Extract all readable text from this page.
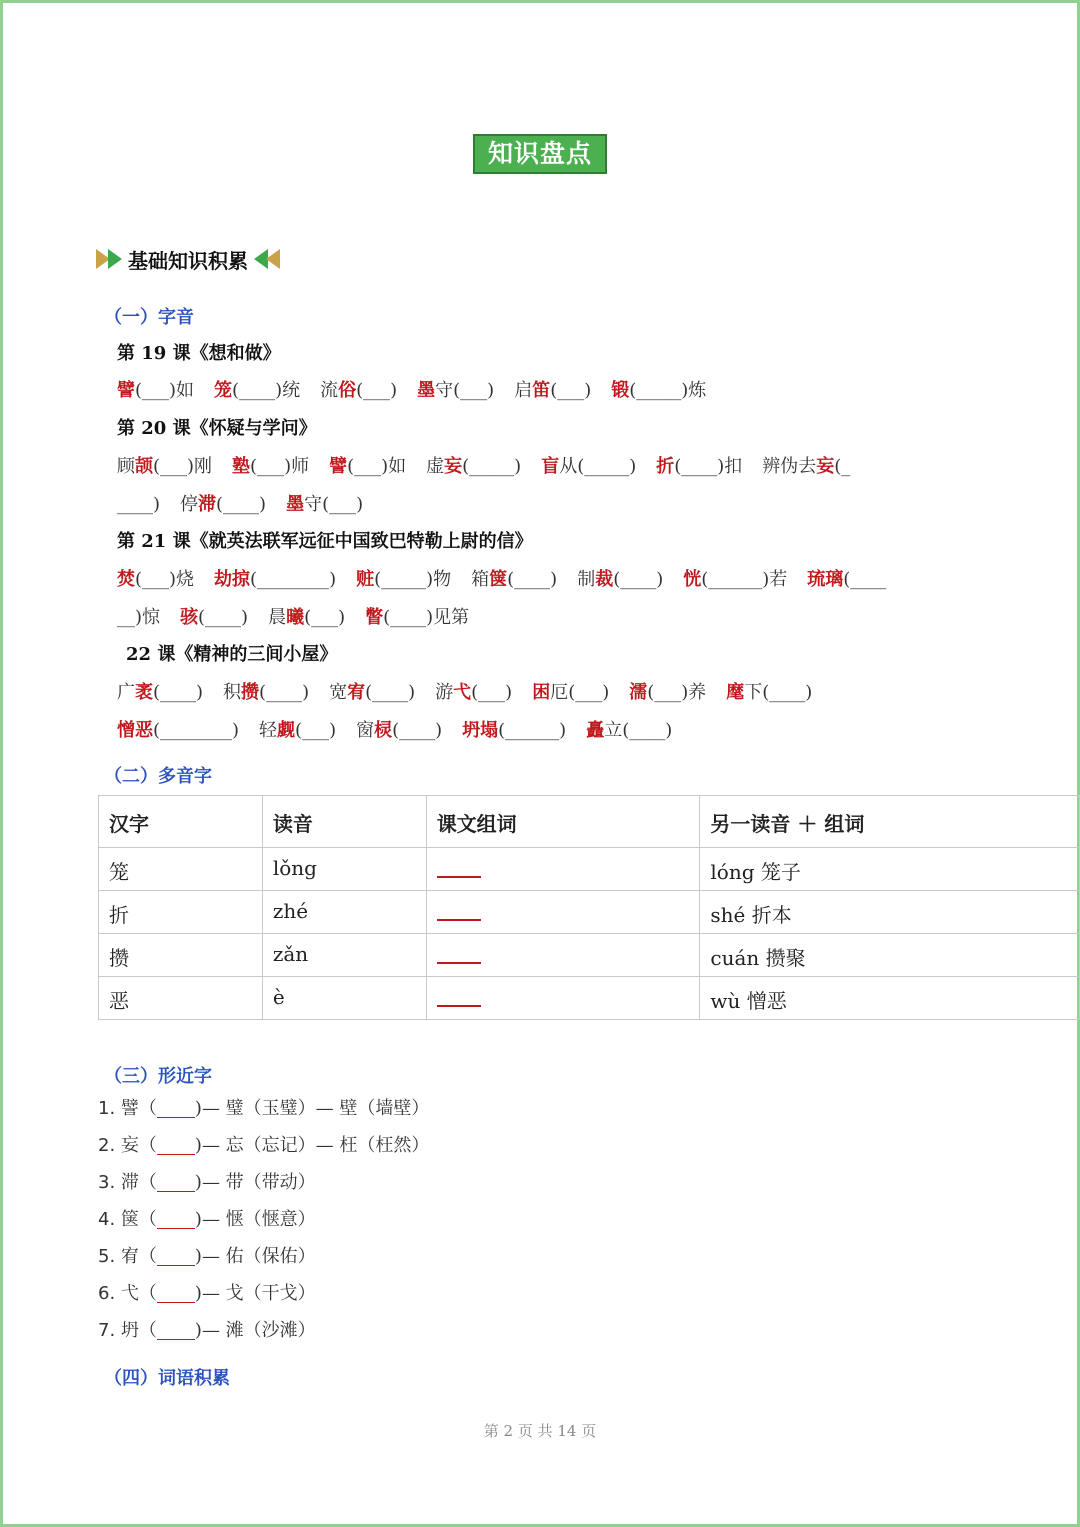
知识盘点
基础知识积累
（一）字音
第 19 课《想和做》
譬(___)如 笼(____)统 流俗(___) 墨守(___) 启笛(___) 锻(_____)炼
第 20 课《怀疑与学问》
顾颉(___)刚 塾(___)师 譬(___)如 虚妄(_____) 盲从(_____) 折(____)扣 辨伪去妄(_
____) 停滞(____) 墨守(___)
第 21 课《就英法联军远征中国致巴特勒上尉的信》
焚(___)烧 劫掠(________) 赃(_____)物 箱箧(____) 制裁(____) 恍(______)若 琉璃(____
__)惊 骇(____) 晨曦(___) 瞥(____)见第
22 课《精神的三间小屋》
广袤(____) 积攒(____) 宽宥(____) 游弋(___) 困厄(___) 濡(___)养 麾下(____)
憎恶(________) 轻觑(___) 窗棂(____) 坍塌(______) 矗立(____)
（二）多音字
汉字	读音	课文组词	另一读音 ＋ 组词
笼	lǒng		lóng 笼子
折	zhé		shé 折本
攒	zǎn		cuán 攒聚
恶	è		wù 憎恶
（三）形近字
1. 譬（ )— 璧（玉璧）— 壁（墙壁）
2. 妄（ )— 忘（忘记）— 枉（枉然）
3. 滞（ )— 带（带动）
4. 箧（ )— 惬（惬意）
5. 宥（ )— 佑（保佑）
6. 弋（ )— 戈（干戈）
7. 坍（ )— 滩（沙滩）
（四）词语积累
第 2 页 共 14 页
